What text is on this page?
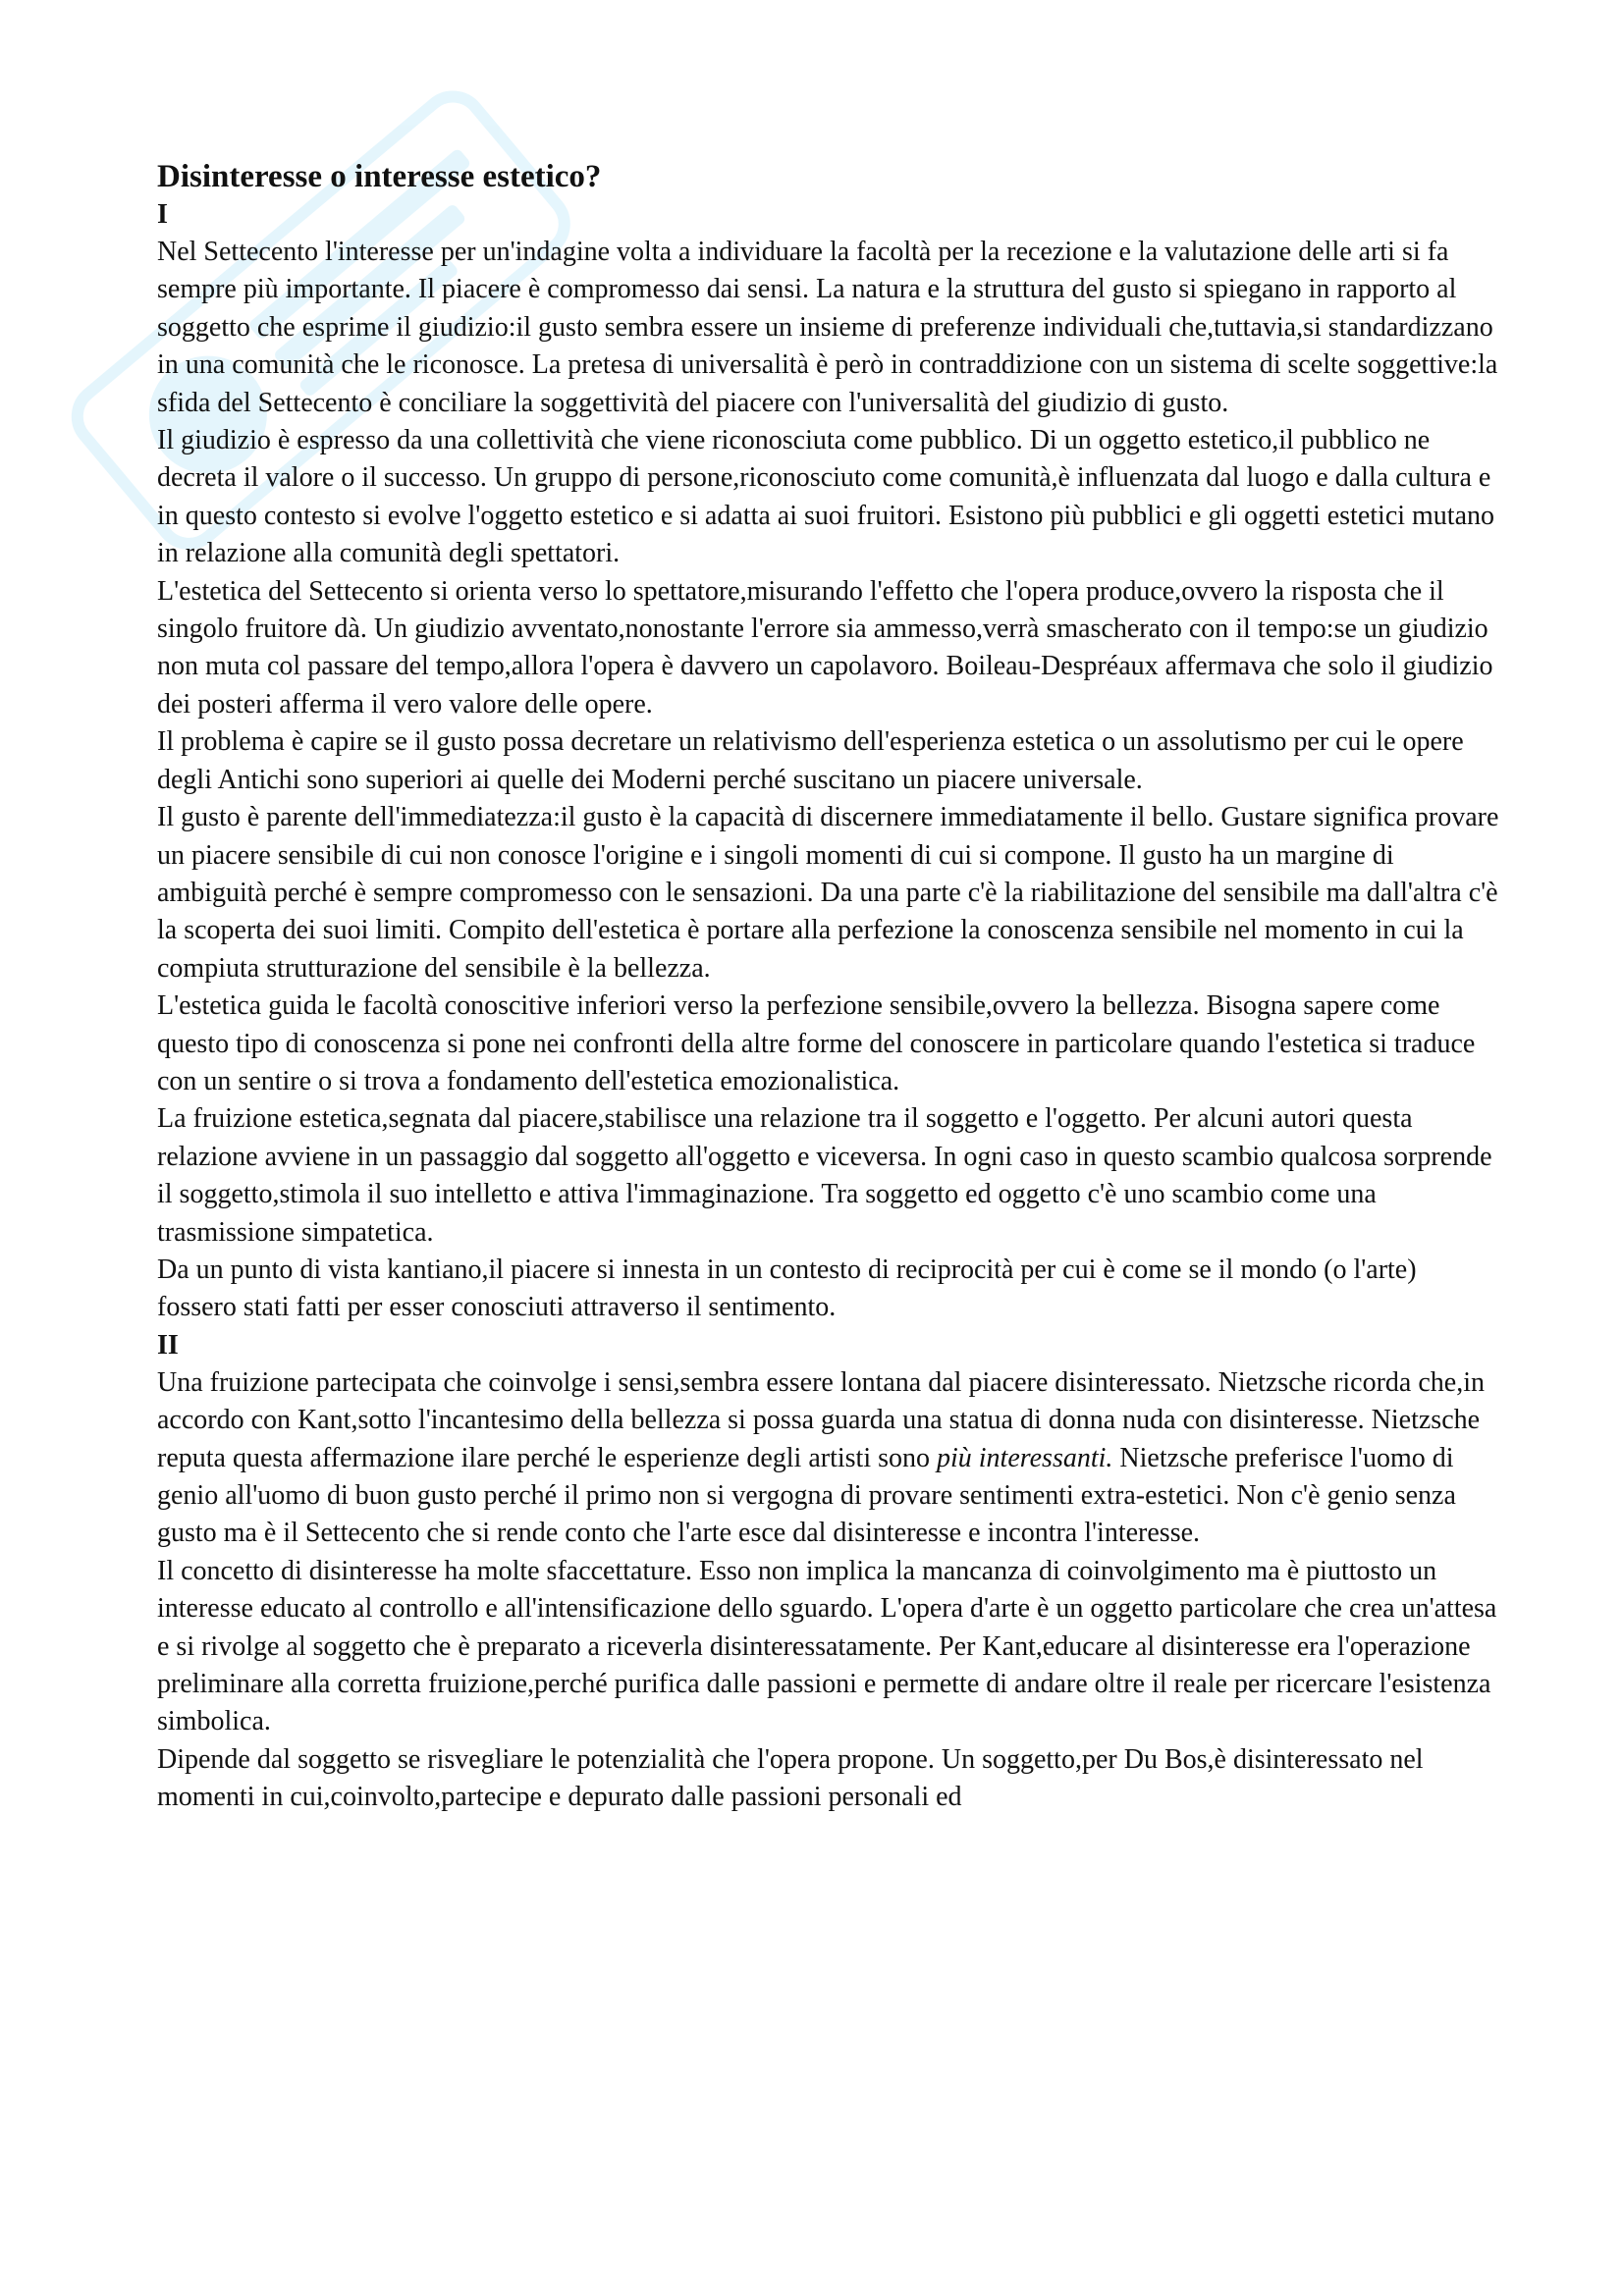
Disinteresse o interesse estetico?
I

Nel Settecento l'interesse per un'indagine volta a individuare la facoltà per la recezione e la valutazione delle arti si fa sempre più importante. Il piacere è compromesso dai sensi. La natura e la struttura del gusto si spiegano in rapporto al soggetto che esprime il giudizio:il gusto sembra essere un insieme di preferenze individuali che,tuttavia,si standardizzano in una comunità che le riconosce. La pretesa di universalità è però in contraddizione con un sistema di scelte soggettive:la sfida del Settecento è conciliare la soggettività del piacere con l'universalità del giudizio di gusto.

Il giudizio è espresso da una collettività che viene riconosciuta come pubblico. Di un oggetto estetico,il pubblico ne decreta il valore o il successo. Un gruppo di persone,riconosciuto come comunità,è influenzata dal luogo e dalla cultura e in questo contesto si evolve l'oggetto estetico e si adatta ai suoi fruitori. Esistono più pubblici e gli oggetti estetici mutano in relazione alla comunità degli spettatori.

L'estetica del Settecento si orienta verso lo spettatore,misurando l'effetto che l'opera produce,ovvero la risposta che il singolo fruitore dà. Un giudizio avventato,nonostante l'errore sia ammesso,verrà smascherato con il tempo:se un giudizio non muta col passare del tempo,allora l'opera è davvero un capolavoro. Boileau-Despréaux affermava che solo il giudizio dei posteri afferma il vero valore delle opere.

Il problema è capire se il gusto possa decretare un relativismo dell'esperienza estetica o un assolutismo per cui le opere degli Antichi sono superiori ai quelle dei Moderni perché suscitano un piacere universale.

Il gusto è parente dell'immediatezza:il gusto è la capacità di discernere immediatamente il bello. Gustare significa provare un piacere sensibile di cui non conosce l'origine e i singoli momenti di cui si compone. Il gusto ha un margine di ambiguità perché è sempre compromesso con le sensazioni. Da una parte c'è la riabilitazione del sensibile ma dall'altra c'è la scoperta dei suoi limiti. Compito dell'estetica è portare alla perfezione la conoscenza sensibile nel momento in cui la compiuta strutturazione del sensibile è la bellezza.

L'estetica guida le facoltà conoscitive inferiori verso la perfezione sensibile,ovvero la bellezza. Bisogna sapere come questo tipo di conoscenza si pone nei confronti della altre forme del conoscere in particolare quando l'estetica si traduce con un sentire o si trova a fondamento dell'estetica emozionalistica.

La fruizione estetica,segnata dal piacere,stabilisce una relazione tra il soggetto e l'oggetto. Per alcuni autori questa relazione avviene in un passaggio dal soggetto all'oggetto e viceversa. In ogni caso in questo scambio qualcosa sorprende il soggetto,stimola il suo intelletto e attiva l'immaginazione. Tra soggetto ed oggetto c'è uno scambio come una trasmissione simpatetica.

Da un punto di vista kantiano,il piacere si innesta in un contesto di reciprocità per cui è come se il mondo (o l'arte) fossero stati fatti per esser conosciuti attraverso il sentimento.

II

Una fruizione partecipata che coinvolge i sensi,sembra essere lontana dal piacere disinteressato. Nietzsche ricorda che,in accordo con Kant,sotto l'incantesimo della bellezza si possa guarda una statua di donna nuda con disinteresse. Nietzsche reputa questa affermazione ilare perché le esperienze degli artisti sono più interessanti. Nietzsche preferisce l'uomo di genio all'uomo di buon gusto perché il primo non si vergogna di provare sentimenti extra-estetici. Non c'è genio senza gusto ma è il Settecento che si rende conto che l'arte esce dal disinteresse e incontra l'interesse.

Il concetto di disinteresse ha molte sfaccettature. Esso non implica la mancanza di coinvolgimento ma è piuttosto un interesse educato al controllo e all'intensificazione dello sguardo. L'opera d'arte è un oggetto particolare che crea un'attesa e si rivolge al soggetto che è preparato a riceverla disinteressatamente. Per Kant,educare al disinteresse era l'operazione preliminare alla corretta fruizione,perché purifica dalle passioni e permette di andare oltre il reale per ricercare l'esistenza simbolica.

Dipende dal soggetto se risvegliare le potenzialità che l'opera propone. Un soggetto,per Du Bos,è disinteressato nel momenti in cui,coinvolto,partecipe e depurato dalle passioni personali ed
